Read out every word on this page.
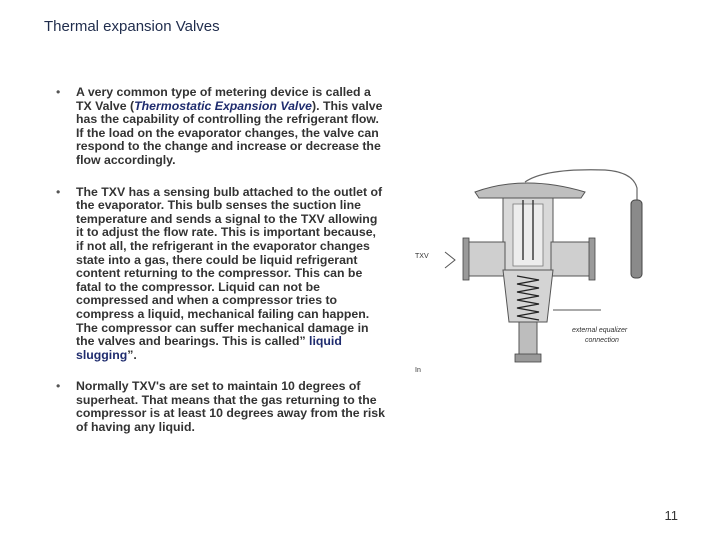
Thermal expansion Valves
• A very common type of metering device is called a TX Valve (Thermostatic Expansion Valve). This valve has the capability of controlling the refrigerant flow. If the load on the evaporator changes, the valve can respond to the change and increase or decrease the flow accordingly.
• The TXV has a sensing bulb attached to the outlet of the evaporator. This bulb senses the suction line temperature and sends a signal to the TXV allowing it to adjust the flow rate. This is important because, if not all, the refrigerant in the evaporator changes state into a gas, there could be liquid refrigerant content returning to the compressor. This can be fatal to the compressor. Liquid can not be compressed and when a compressor tries to compress a liquid, mechanical failing can happen. The compressor can suffer mechanical damage in the valves and bearings. This is called” liquid slugging”.
• Normally TXV's are set to maintain 10 degrees of superheat. That means that the gas returning to the compressor is at least 10 degrees away from the risk of having any liquid.
TXV
In
external equalizer
connection
11
